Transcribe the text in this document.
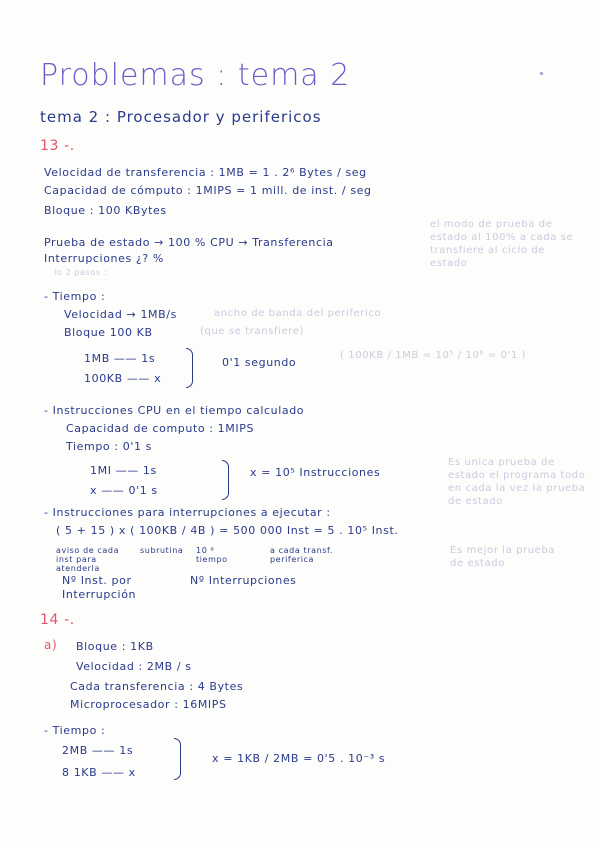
Problemas : tema 2
tema 2 : Procesador y perifericos
13 -.
Velocidad de transferencia : 1MB = 1 . 2⁶ Bytes / seg
Capacidad de cómputo : 1MIPS = 1 mill. de inst. / seg
Bloque : 100 KBytes
Prueba de estado → 100 % CPU → Transferencia
Interrupciones ¿? %
el modo de prueba de estado al 100% a cada se transfiere al ciclo de estado
lo 2 pasos :
- Tiempo :
Velocidad → 1MB/s	ancho de banda del periferico
Bloque 100 KB	(que se transfiere)
1MB —— 1s
100KB —— x
0'1 segundo
( 100KB / 1MB = 10⁵ / 10⁶ = 0'1 )
- Instrucciones CPU en el tiempo calculado
Capacidad de computo : 1MIPS
Tiempo : 0'1 s
1MI —— 1s
x —— 0'1 s
x = 10⁵ Instrucciones
Es unica prueba de estado el programa todo en cada la vez la prueba de estado
- Instrucciones para interrupciones a ejecutar :
( 5 + 15 ) x ( 100KB / 4B ) = 500 000 Inst = 5 . 10⁵ Inst.
aviso de cada inst para atenderla
subrutina 10 ⁸ tiempo
a cada transf. periferica
Es mejor la prueba de estado
Nº Inst. por Interrupción
Nº Interrupciones
14 -.
a) Bloque : 1KB
Velocidad : 2MB / s
Cada transferencia : 4 Bytes
Microprocesador : 16MIPS
- Tiempo :
2MB —— 1s
8 1KB —— x
x = 1KB / 2MB = 0'5 . 10⁻³ s
